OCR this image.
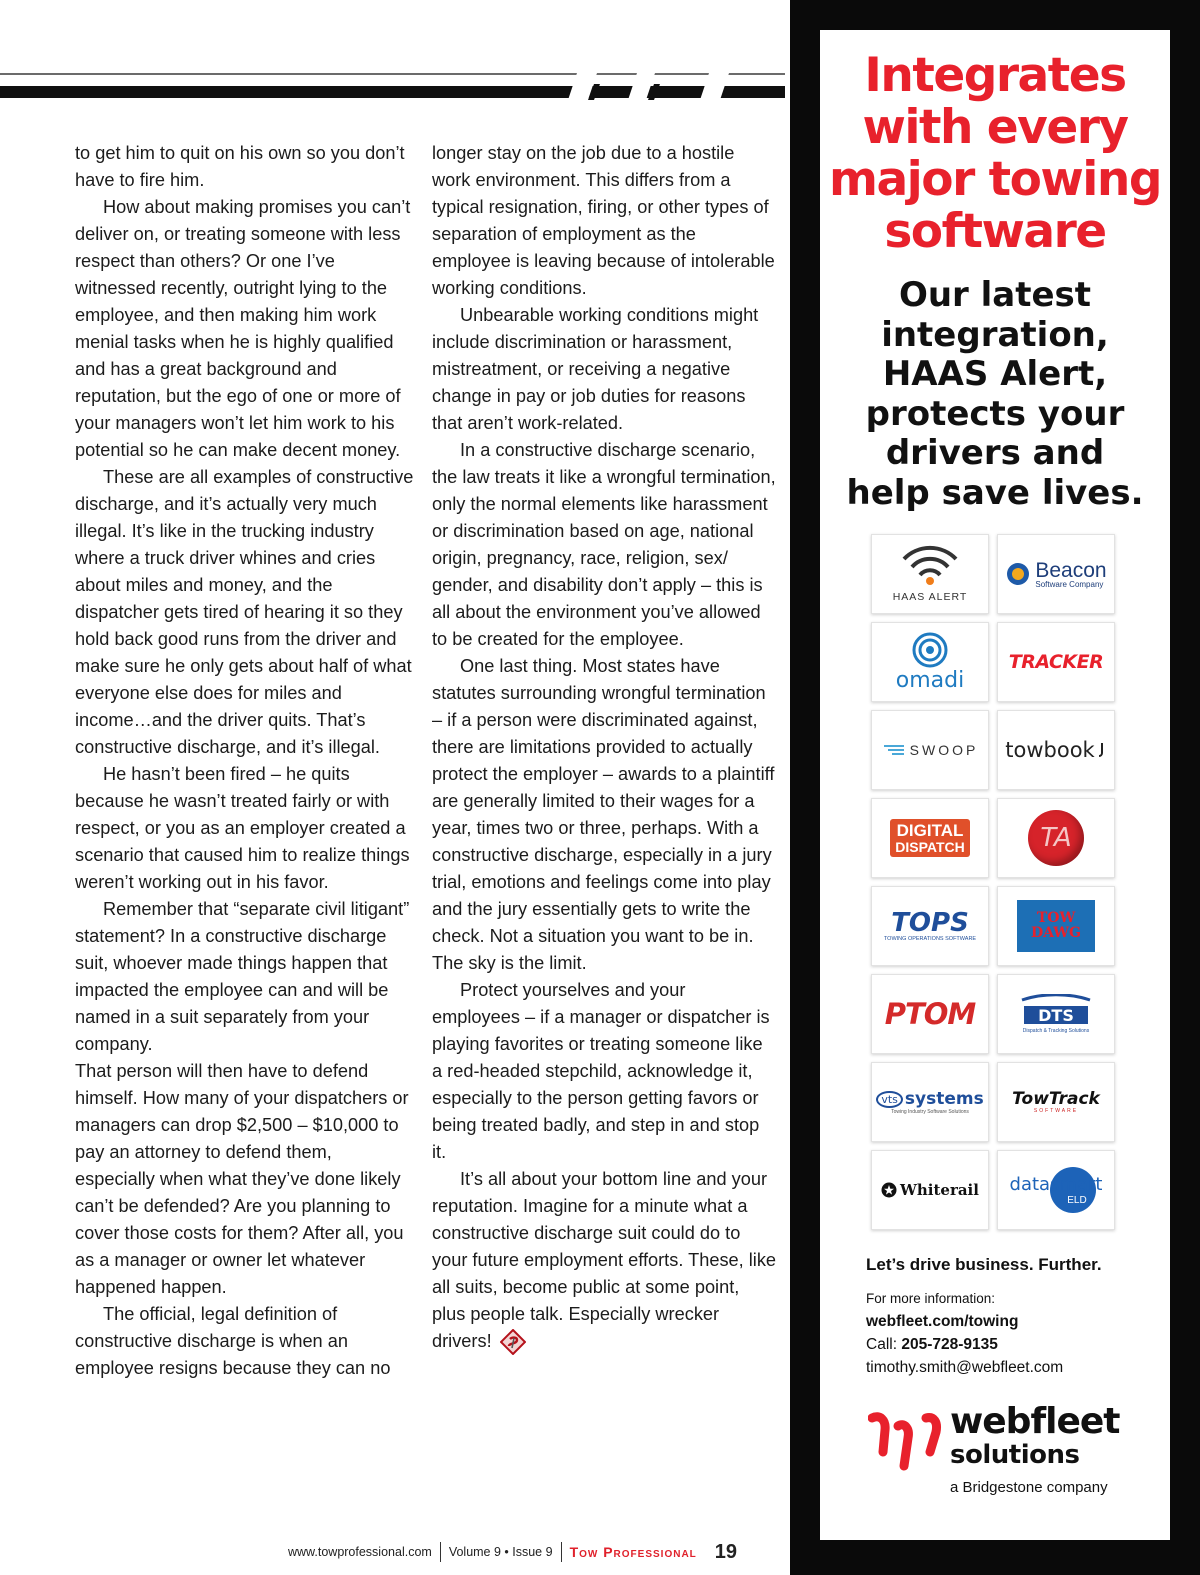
to get him to quit on his own so you don’t have to fire him.

How about making promises you can’t deliver on, or treating someone with less respect than others? Or one I’ve witnessed recently, outright lying to the employee, and then making him work menial tasks when he is highly qualified and has a great background and reputation, but the ego of one or more of your managers won’t let him work to his potential so he can make decent money.

These are all examples of constructive discharge, and it’s actually very much illegal. It’s like in the trucking industry where a truck driver whines and cries about miles and money, and the dispatcher gets tired of hearing it so they hold back good runs from the driver and make sure he only gets about half of what everyone else does for miles and income…and the driver quits. That’s constructive discharge, and it’s illegal.

He hasn’t been fired – he quits because he wasn’t treated fairly or with respect, or you as an employer created a scenario that caused him to realize things weren’t working out in his favor.

Remember that “separate civil litigant” statement? In a constructive discharge suit, whoever made things happen that impacted the employee can and will be named in a suit separately from your company.

That person will then have to defend himself. How many of your dispatchers or managers can drop $2,500 – $10,000 to pay an attorney to defend them, especially when what they’ve done likely can’t be defended? Are you planning to cover those costs for them? After all, you as a manager or owner let whatever happened happen.

The official, legal definition of constructive discharge is when an employee resigns because they can no

longer stay on the job due to a hostile work environment. This differs from a typical resignation, firing, or other types of separation of employment as the employee is leaving because of intolerable working conditions.

Unbearable working conditions might include discrimination or harassment, mistreatment, or receiving a negative change in pay or job duties for reasons that aren’t work-related.

In a constructive discharge scenario, the law treats it like a wrongful termination, only the normal elements like harassment or discrimination based on age, national origin, pregnancy, race, religion, sex/ gender, and disability don’t apply – this is all about the environment you’ve allowed to be created for the employee.

One last thing. Most states have statutes surrounding wrongful termination – if a person were discriminated against, there are limitations provided to actually protect the employer – awards to a plaintiff are generally limited to their wages for a year, times two or three, perhaps. With a constructive discharge, especially in a jury trial, emotions and feelings come into play and the jury essentially gets to write the check. Not a situation you want to be in. The sky is the limit.

Protect yourselves and your employees – if a manager or dispatcher is playing favorites or treating someone like a red-headed stepchild, acknowledge it, especially to the person getting favors or being treated badly, and step in and stop it.

It’s all about your bottom line and your reputation. Imagine for a minute what a constructive discharge suit could do to your future employment efforts. These, like all suits, become public at some point, plus people talk. Especially wrecker drivers!

www.towprofessional.com Volume 9 • Issue 9 Tow Professional 19
Integrates
with every
major towing
software
Our latest
integration,
HAAS Alert,
protects your
drivers and
help save lives.
HAAS ALERT
Beacon
Software Company
omadi
TRACKER
SWOOP towbook
DIGITAL
DISPATCH	TA
TOPS
TOWING OPERATIONS SOFTWARE
TOW
DAWG
PTOM	DTS
Dispatch & Tracking Solutions
vts systems
Towing Industry Software Solutions
TowTrack
SOFTWARE
Whiterail datasmart
ELD
Let’s drive business. Further.
For more information:
webfleet.com/towing
Call: 205-728-9135
timothy.smith@webfleet.com
webfleet
solutions
a Bridgestone company
